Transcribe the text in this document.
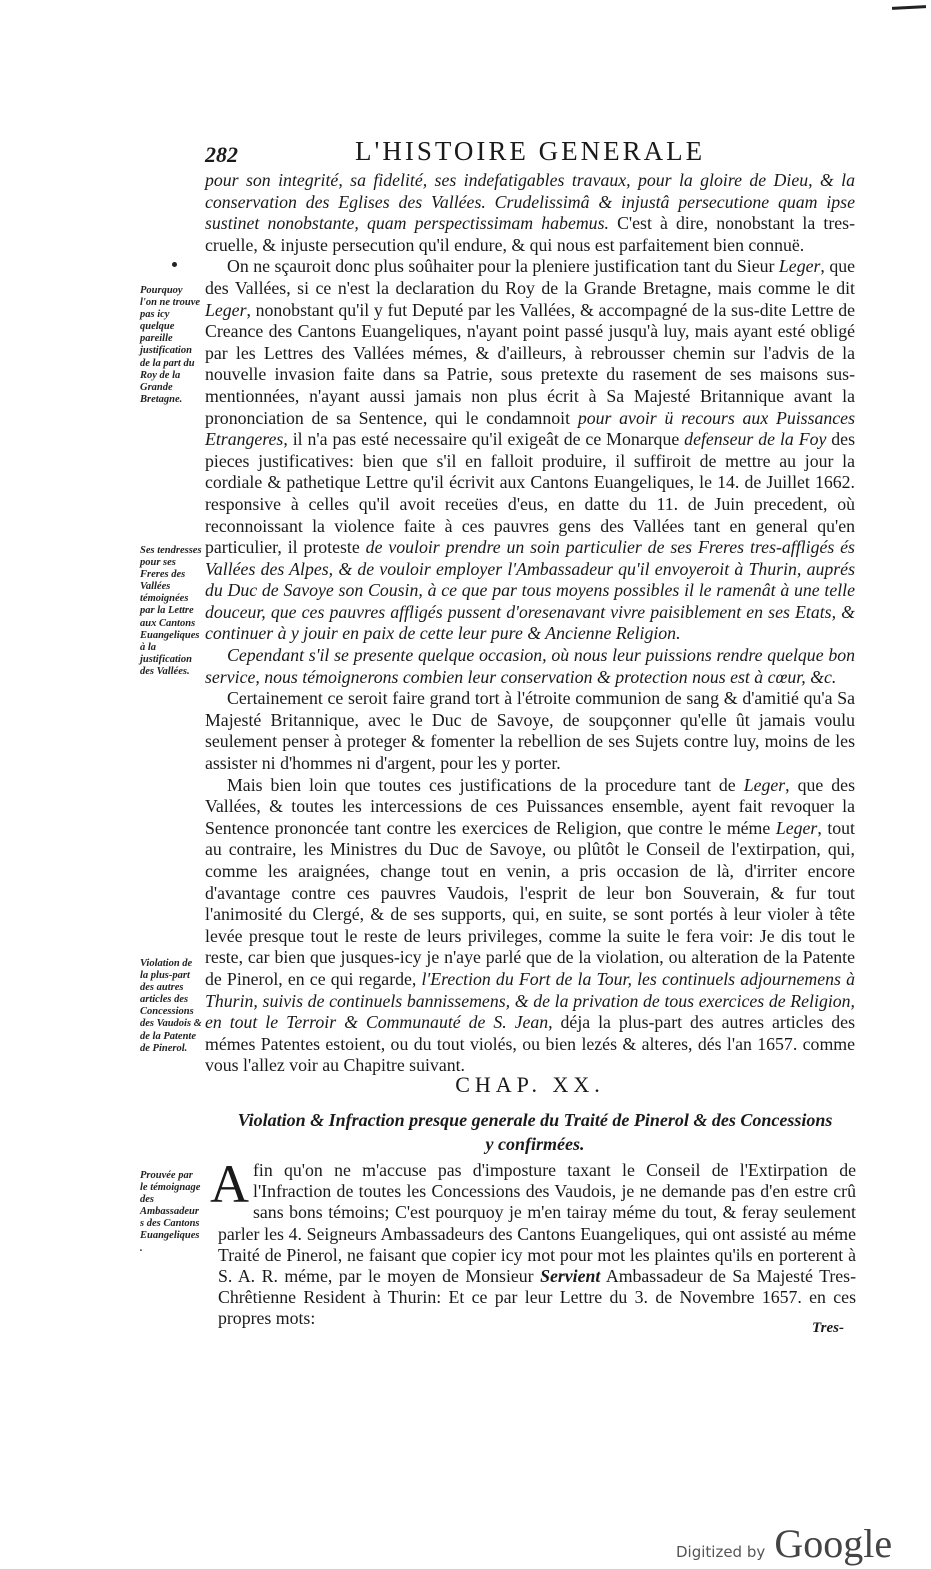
282	L'HISTOIRE GENERALE

pour son integrité, sa fidelité, ses indefatigables travaux, pour la gloire de Dieu, & la conservation des Eglises des Vallées. Crudelissimâ & injustâ persecutione quam ipse sustinet nonobstante, quam perspectissimam habemus. C'est à dire, nonobstant la tres-cruelle, & injuste persecution qu'il endure, & qui nous est parfaitement bien connuë.

On ne sçauroit donc plus soûhaiter pour la pleniere justification tant du Sieur Leger, que des Vallées, si ce n'est la declaration du Roy de la Grande Bretagne, mais comme le dit Leger, nonobstant qu'il y fut Deputé par les Vallées, & accompagné de la sus-dite Lettre de Creance des Cantons Euangeliques, n'ayant point passé jusqu'à luy, mais ayant esté obligé par les Lettres des Vallées mémes, & d'ailleurs, à rebrousser chemin sur l'advis de la nouvelle invasion faite dans sa Patrie, sous pretexte du rasement de ses maisons sus-mentionnées, n'ayant aussi jamais non plus écrit à Sa Majesté Britannique avant la prononciation de sa Sentence, qui le condamnoit pour avoir ü recours aux Puissances Etrangeres, il n'a pas esté necessaire qu'il exigeât de ce Monarque defenseur de la Foy des pieces justificatives: bien que s'il en falloit produire, il suffiroit de mettre au jour la cordiale & pathetique Lettre qu'il écrivit aux Cantons Euangeliques, le 14. de Juillet 1662. responsive à celles qu'il avoit receües d'eus, en datte du 11. de Juin precedent, où reconnoissant la violence faite à ces pauvres gens des Vallées tant en general qu'en particulier, il proteste de vouloir prendre un soin particulier de ses Freres tres-affligés és Vallées des Alpes, & de vouloir employer l'Ambassadeur qu'il envoyeroit à Thurin, auprés du Duc de Savoye son Cousin, à ce que par tous moyens possibles il le ramenât à une telle douceur, que ces pauvres affligés pussent d'oresenavant vivre paisiblement en ses Etats, & continuer à y jouir en paix de cette leur pure & Ancienne Religion.

Cependant s'il se presente quelque occasion, où nous leur puissions rendre quelque bon service, nous témoignerons combien leur conservation & protection nous est à cœur, &c.

Certainement ce seroit faire grand tort à l'étroite communion de sang & d'amitié qu'a Sa Majesté Britannique, avec le Duc de Savoye, de soupçonner qu'elle ût jamais voulu seulement penser à proteger & fomenter la rebellion de ses Sujets contre luy, moins de les assister ni d'hommes ni d'argent, pour les y porter.

Mais bien loin que toutes ces justifications de la procedure tant de Leger, que des Vallées, & toutes les intercessions de ces Puissances ensemble, ayent fait revoquer la Sentence prononcée tant contre les exercices de Religion, que contre le méme Leger, tout au contraire, les Ministres du Duc de Savoye, ou plûtôt le Conseil de l'extirpation, qui, comme les araignées, change tout en venin, a pris occasion de là, d'irriter encore d'avantage contre ces pauvres Vaudois, l'esprit de leur bon Souverain, & fur tout l'animosité du Clergé, & de ses supports, qui, en suite, se sont portés à leur violer à tête levée presque tout le reste de leurs privileges, comme la suite le fera voir: Je dis tout le reste, car bien que jusques-icy je n'aye parlé que de la violation, ou alteration de la Patente de Pinerol, en ce qui regarde, l'Erection du Fort de la Tour, les continuels adjournemens à Thurin, suivis de continuels bannissemens, & de la privation de tous exercices de Religion, en tout le Terroir & Communauté de S. Jean, déja la plus-part des autres articles des mémes Patentes estoient, ou du tout violés, ou bien lezés & alteres, dés l'an 1657. comme vous l'allez voir au Chapitre suivant.

Pourquoy l'on ne trouve pas icy quelque pareille justification de la part du Roy de la Grande Bretagne.
Ses tendresses pour ses Freres des Vallées témoignées par la Lettre aux Cantons Euangeliques à la justification des Vallées.
Violation de la plus-part des autres articles des Concessions des Vaudois & de la Patente de Pinerol.
Prouvée par le témoignage des Ambassadeurs des Cantons Euangeliques.
CHAP. XX.
Violation & Infraction presque generale du Traité de Pinerol & des Concessions y confirmées.
Afin qu'on ne m'accuse pas d'imposture taxant le Conseil de l'Extirpation de l'Infraction de toutes les Concessions des Vaudois, je ne demande pas d'en estre crû sans bons témoins; C'est pourquoy je m'en tairay méme du tout, & feray seulement parler les 4. Seigneurs Ambassadeurs des Cantons Euangeliques, qui ont assisté au méme Traité de Pinerol, ne faisant que copier icy mot pour mot les plaintes qu'ils en porterent à S. A. R. méme, par le moyen de Monsieur Servient Ambassadeur de Sa Majesté Tres-Chrêtienne Resident à Thurin: Et ce par leur Lettre du 3. de Novembre 1657. en ces propres mots:	Tres-
Digitized by Google
